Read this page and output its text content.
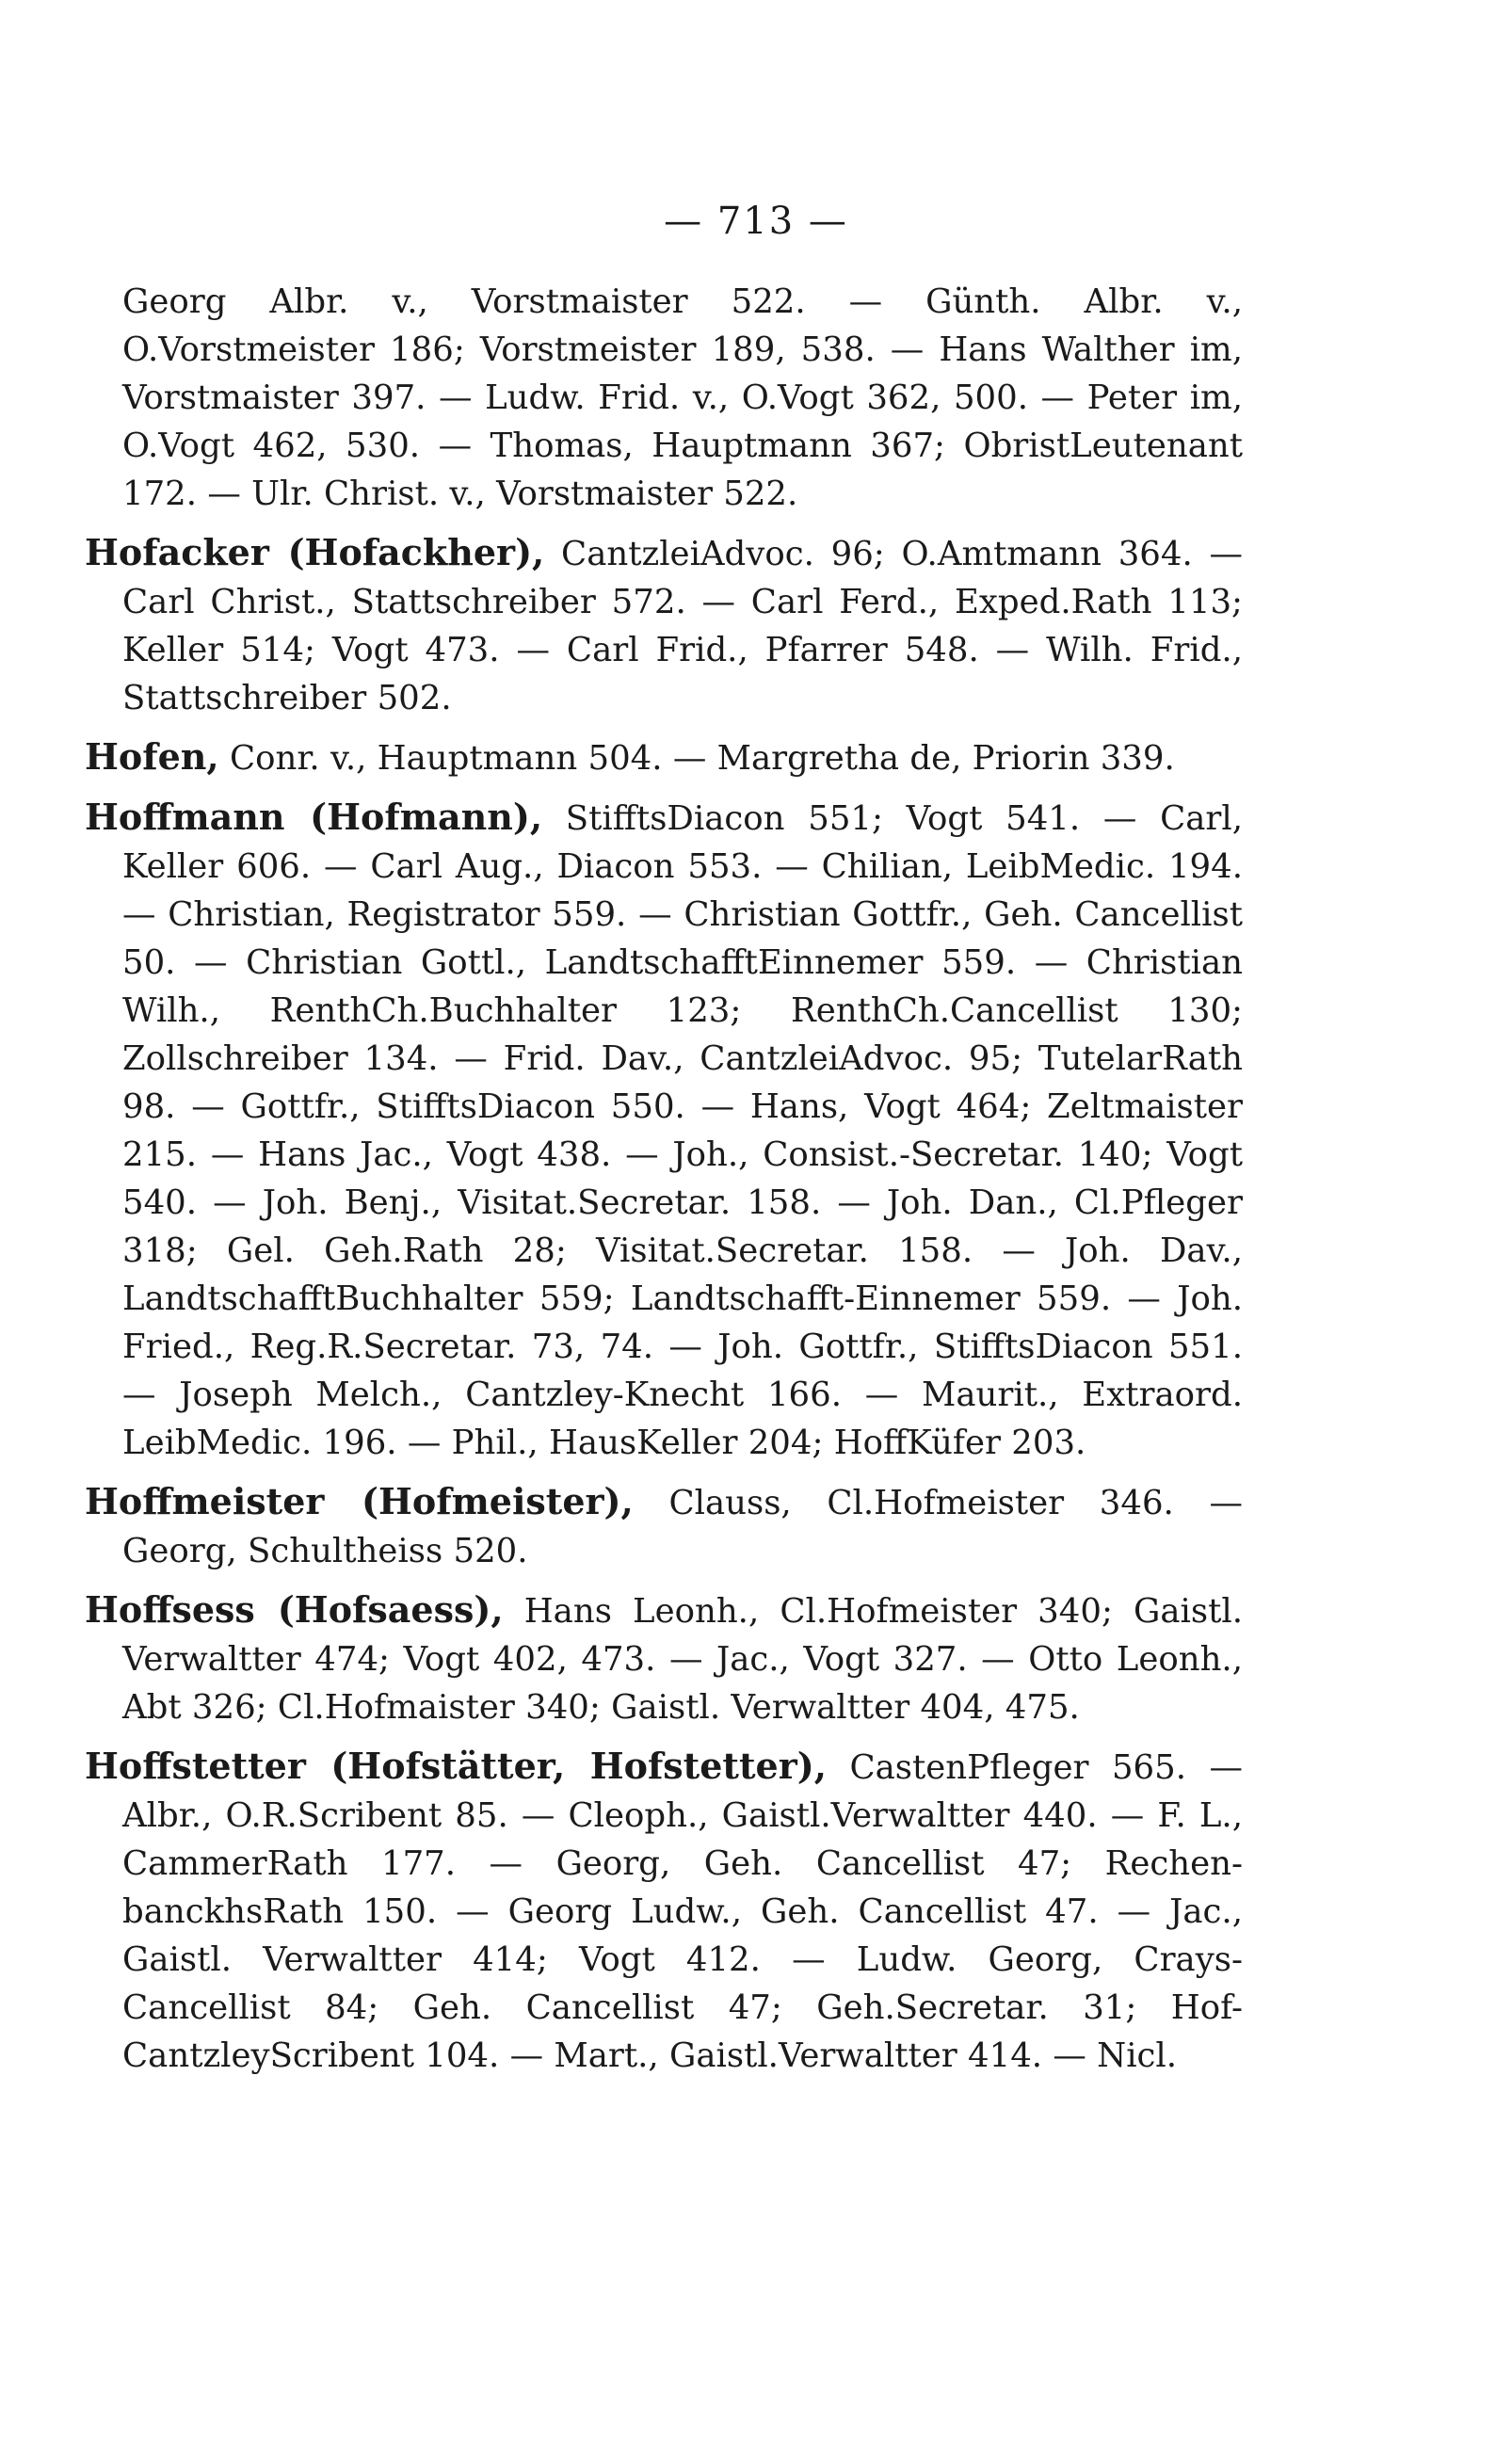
— 713 —

Georg Albr. v., Vorstmaister 522. — Günth. Albr. v., O.Vorstmeister 186; Vorstmeister 189, 538. — Hans Walther im, Vorstmaister 397. — Ludw. Frid. v., O.Vogt 362, 500. — Peter im, O.Vogt 462, 530. — Thomas, Hauptmann 367; ObristLeutenant 172. — Ulr. Christ. v., Vorstmaister 522.

Hofacker (Hofackher), CantzleiAdvoc. 96; O.Amtmann 364. — Carl Christ., Stattschreiber 572. — Carl Ferd., Exped.Rath 113; Keller 514; Vogt 473. — Carl Frid., Pfarrer 548. — Wilh. Frid., Stattschreiber 502.

Hofen, Conr. v., Hauptmann 504. — Margretha de, Priorin 339.

Hoffmann (Hofmann), StifftsDiacon 551; Vogt 541. — Carl, Keller 606. — Carl Aug., Diacon 553. — Chilian, LeibMedic. 194. — Christian, Registrator 559. — Christian Gottfr., Geh. Cancellist 50. — Christian Gottl., LandtschafftEinnemer 559. — Christian Wilh., RenthCh.Buchhalter 123; RenthCh.Cancellist 130; Zollschreiber 134. — Frid. Dav., CantzleiAdvoc. 95; TutelarRath 98. — Gottfr., StifftsDiacon 550. — Hans, Vogt 464; Zeltmaister 215. — Hans Jac., Vogt 438. — Joh., Consist.-Secretar. 140; Vogt 540. — Joh. Benj., Visitat.Secretar. 158. — Joh. Dan., Cl.Pfleger 318; Gel. Geh.Rath 28; Visitat.Secretar. 158. — Joh. Dav., LandtschafftBuchhalter 559; Landtschafft-Einnemer 559. — Joh. Fried., Reg.R.Secretar. 73, 74. — Joh. Gottfr., StifftsDiacon 551. — Joseph Melch., Cantzley-Knecht 166. — Maurit., Extraord. LeibMedic. 196. — Phil., HausKeller 204; HoffKüfer 203.

Hoffmeister (Hofmeister), Clauss, Cl.Hofmeister 346. — Georg, Schultheiss 520.

Hoffsess (Hofsaess), Hans Leonh., Cl.Hofmeister 340; Gaistl. Verwaltter 474; Vogt 402, 473. — Jac., Vogt 327. — Otto Leonh., Abt 326; Cl.Hofmaister 340; Gaistl. Verwaltter 404, 475.

Hoffstetter (Hofstätter, Hofstetter), CastenPfleger 565. — Albr., O.R.Scribent 85. — Cleoph., Gaistl.Verwaltter 440. — F. L., CammerRath 177. — Georg, Geh. Cancellist 47; Rechen-banckhsRath 150. — Georg Ludw., Geh. Cancellist 47. — Jac., Gaistl. Verwaltter 414; Vogt 412. — Ludw. Georg, Crays-Cancellist 84; Geh. Cancellist 47; Geh.Secretar. 31; Hof-CantzleyScribent 104. — Mart., Gaistl.Verwaltter 414. — Nicl.
